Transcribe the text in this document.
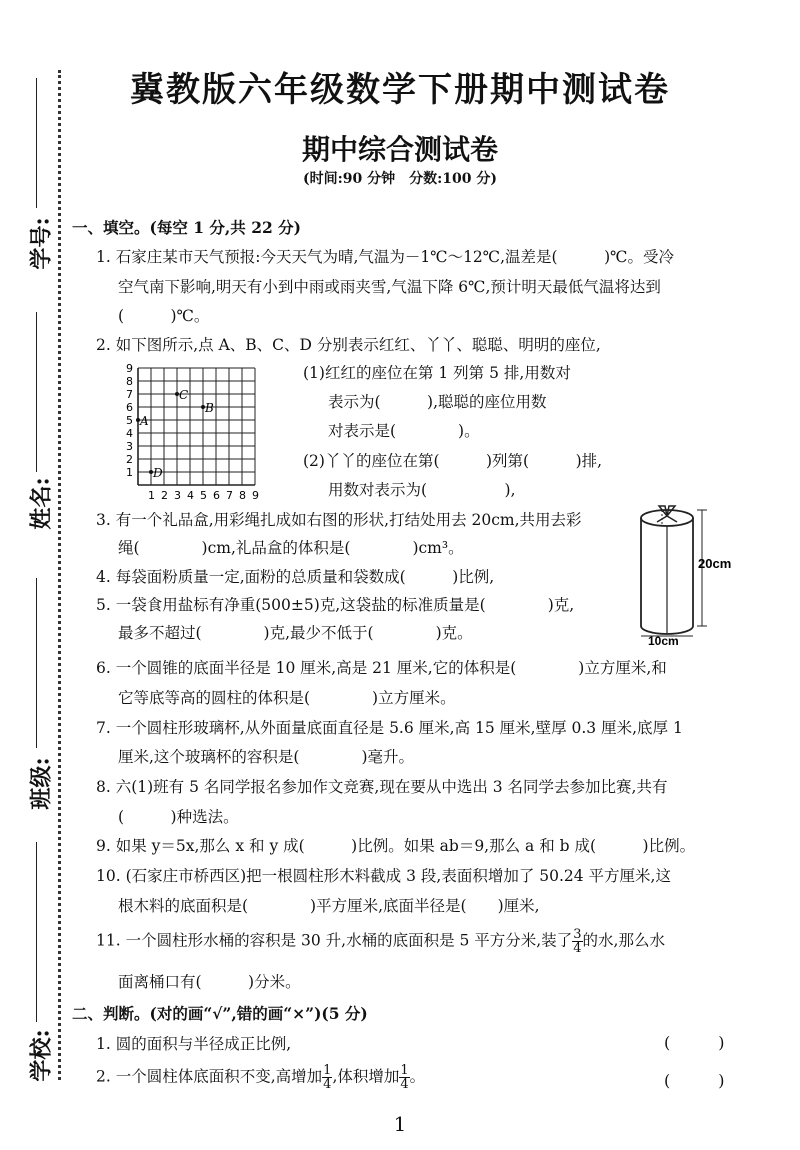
学号:
姓名:
班级:
学校:
冀教版六年级数学下册期中测试卷
期中综合测试卷
(时间:90 分钟　分数:100 分)
一、填空。(每空 1 分,共 22 分)
1. 石家庄某市天气预报:今天天气为晴,气温为－1℃～12℃,温差是(　　　)℃。受冷
空气南下影响,明天有小到中雨或雨夹雪,气温下降 6℃,预计明天最低气温将达到
(　　　)℃。
2. 如下图所示,点 A、B、C、D 分别表示红红、丫丫、聪聪、明明的座位,
9
8
7
6
5
4
3
2
1
1 2 3 4 5 6 7 8 9
A
B
C
D
(1)红红的座位在第 1 列第 5 排,用数对
表示为(　　　),聪聪的座位用数
对表示是(　　　　)。
(2)丫丫的座位在第(　　　)列第(　　　)排,
用数对表示为(　　　　　),
3. 有一个礼品盒,用彩绳扎成如右图的形状,打结处用去 20cm,共用去彩
绳(　　　　)cm,礼品盒的体积是(　　　　)cm³。
20cm
10cm
4. 每袋面粉质量一定,面粉的总质量和袋数成(　　　)比例,
5. 一袋食用盐标有净重(500±5)克,这袋盐的标准质量是(　　　　)克,
最多不超过(　　　　)克,最少不低于(　　　　)克。
6. 一个圆锥的底面半径是 10 厘米,高是 21 厘米,它的体积是(　　　　)立方厘米,和
它等底等高的圆柱的体积是(　　　　)立方厘米。
7. 一个圆柱形玻璃杯,从外面量底面直径是 5.6 厘米,高 15 厘米,壁厚 0.3 厘米,底厚 1
厘米,这个玻璃杯的容积是(　　　　)毫升。
8. 六(1)班有 5 名同学报名参加作文竞赛,现在要从中选出 3 名同学去参加比赛,共有
(　　　)种选法。
9. 如果 y＝5x,那么 x 和 y 成(　　　)比例。如果 ab＝9,那么 a 和 b 成(　　　)比例。
10. (石家庄市桥西区)把一根圆柱形木料截成 3 段,表面积增加了 50.24 平方厘米,这
根木料的底面积是(　　　　)平方厘米,底面半径是(　　)厘米,
11. 一个圆柱形水桶的容积是 30 升,水桶的底面积是 5 平方分米,装了 $\frac{3}{4}$ 的水,那么水
面离桶口有(　　　)分米。
二、判断。(对的画“√”,错的画“×”)(5 分)
1. 圆的面积与半径成正比例,	(　　　)
2. 一个圆柱体底面积不变,高增加 $\frac{1}{4}$ ,体积增加 $\frac{1}{4}$ 。	(　　　)
1
